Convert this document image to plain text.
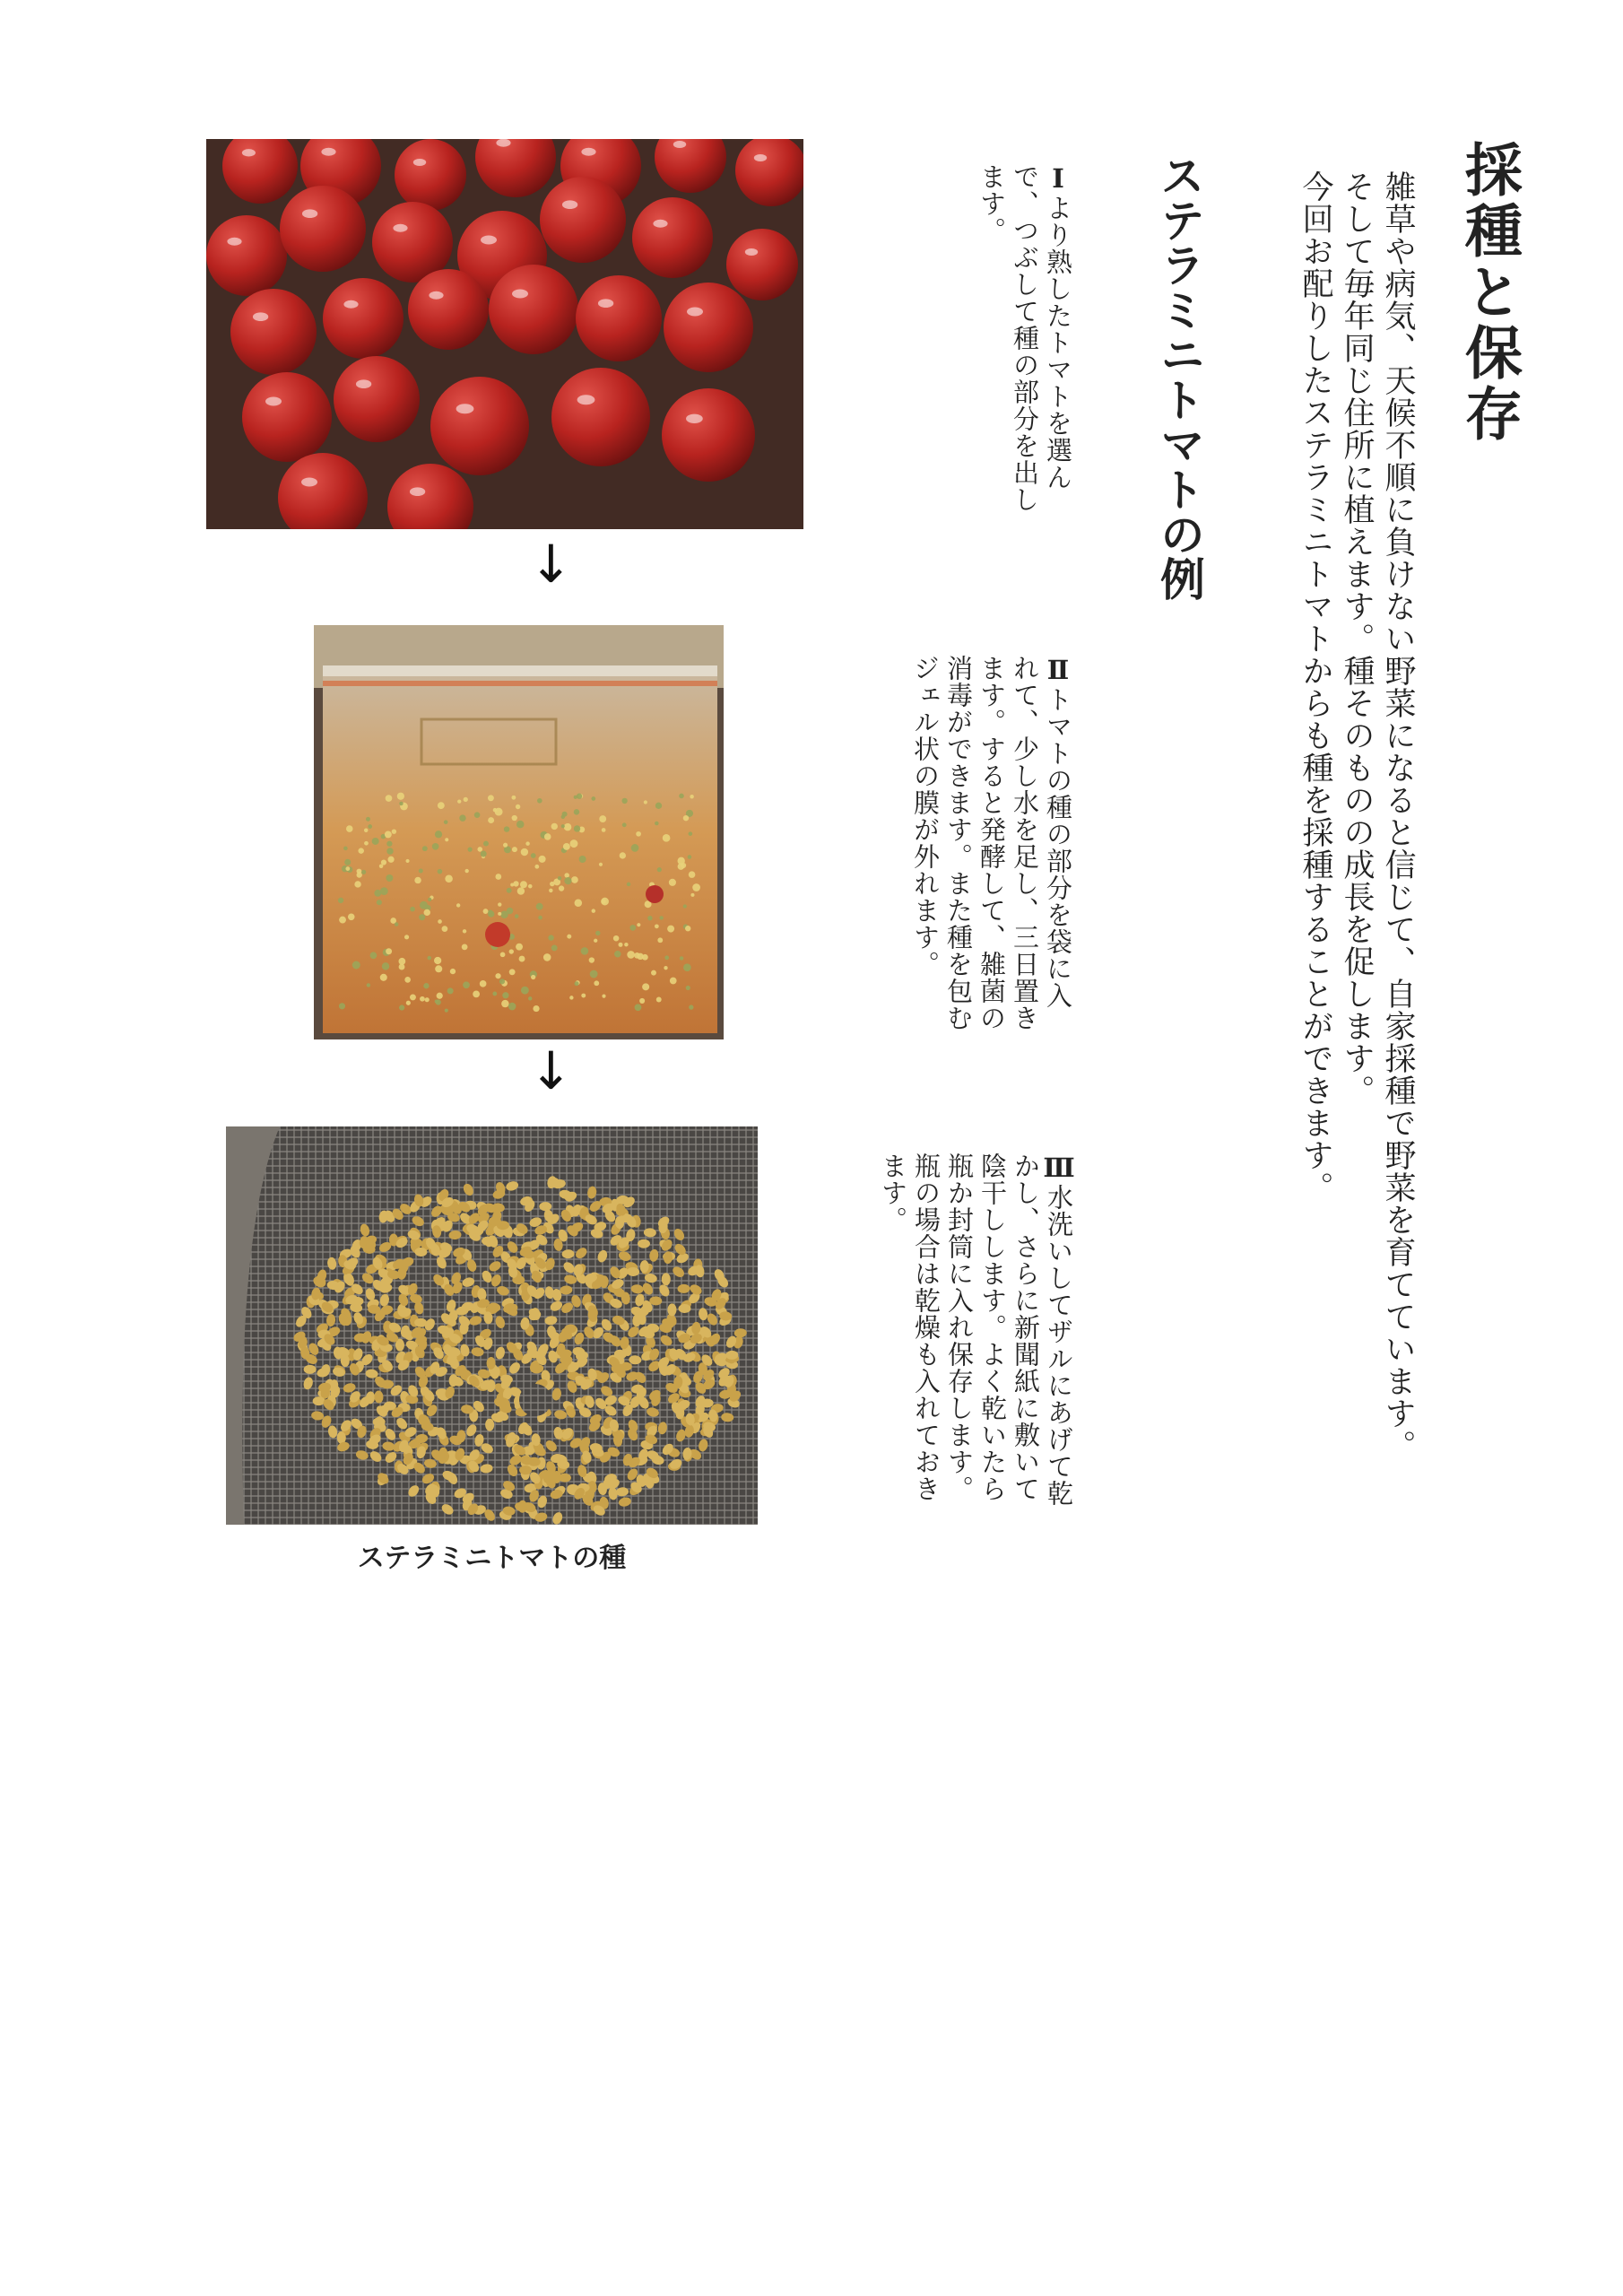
採種と保存

雑草や病気、天候不順に負けない野菜になると信じて、自家採種で野菜を育てています。

そして毎年同じ住所に植えます。種そのものの成長を促します。

今回お配りしたステラミニトマトからも種を採種することができます。

ステラミニトマトの例
Ⅰより熟したトマトを選んで、つぶして種の部分を出します。
Ⅱトマトの種の部分を袋に入れて、少し水を足し、三日置きます。すると発酵して、雑菌の消毒ができます。また種を包むジェル状の膜が外れます。
Ⅲ水洗いしてザルにあげて乾かし、さらに新聞紙に敷いて陰干しします。よく乾いたら瓶か封筒に入れ保存します。瓶の場合は乾燥も入れておきます。
↓
↓
ステラミニトマトの種
